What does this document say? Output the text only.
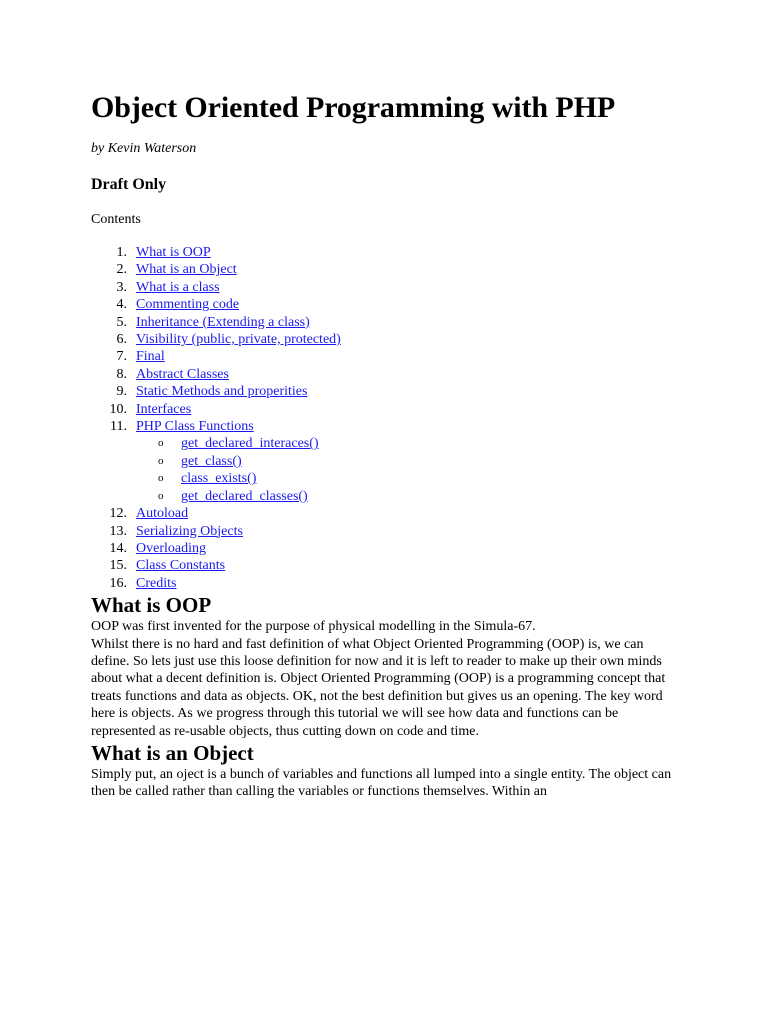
Object Oriented Programming with PHP

by Kevin Waterson

Draft Only

Contents

1. What is OOP
2. What is an Object
3. What is a class
4. Commenting code
5. Inheritance (Extending a class)
6. Visibility (public, private, protected)
7. Final
8. Abstract Classes
9. Static Methods and properities
10. Interfaces
11. PHP Class Functions
o get_declared_interaces()
o get_class()
o class_exists()
o get_declared_classes()
12. Autoload
13. Serializing Objects
14. Overloading
15. Class Constants
16. Credits
What is OOP

OOP was first invented for the purpose of physical modelling in the Simula-67.
Whilst there is no hard and fast definition of what Object Oriented Programming (OOP) is, we can define. So lets just use this loose definition for now and it is left to reader to make up their own minds about what a decent definition is. Object Oriented Programming (OOP) is a programming concept that treats functions and data as objects. OK, not the best definition but gives us an opening. The key word here is objects. As we progress through this tutorial we will see how data and functions can be represented as re-usable objects, thus cutting down on code and time.

What is an Object

Simply put, an oject is a bunch of variables and functions all lumped into a single entity. The object can then be called rather than calling the variables or functions themselves. Within an
